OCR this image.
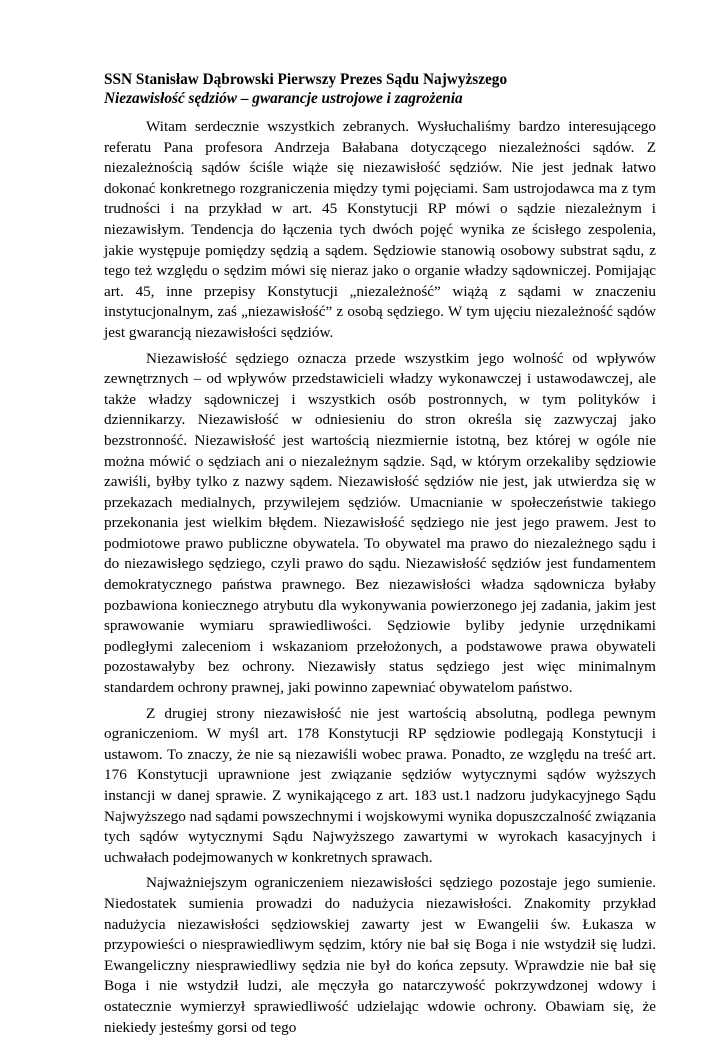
SSN Stanisław Dąbrowski Pierwszy Prezes Sądu Najwyższego
Niezawisłość sędziów – gwarancje ustrojowe i zagrożenia

Witam serdecznie wszystkich zebranych. Wysłuchaliśmy bardzo interesującego referatu Pana profesora Andrzeja Bałabana dotyczącego niezależności sądów. Z niezależnością sądów ściśle wiąże się niezawisłość sędziów. Nie jest jednak łatwo dokonać konkretnego rozgraniczenia między tymi pojęciami. Sam ustrojodawca ma z tym trudności i na przykład w art. 45 Konstytucji RP mówi o sądzie niezależnym i niezawisłym. Tendencja do łączenia tych dwóch pojęć wynika ze ścisłego zespolenia, jakie występuje pomiędzy sędzią a sądem. Sędziowie stanowią osobowy substrat sądu, z tego też względu o sędzim mówi się nieraz jako o organie władzy sądowniczej. Pomijając art. 45, inne przepisy Konstytucji „niezależność” wiążą z sądami w znaczeniu instytucjonalnym, zaś „niezawisłość” z osobą sędziego. W tym ujęciu niezależność sądów jest gwarancją niezawisłości sędziów.

Niezawisłość sędziego oznacza przede wszystkim jego wolność od wpływów zewnętrznych – od wpływów przedstawicieli władzy wykonawczej i ustawodawczej, ale także władzy sądowniczej i wszystkich osób postronnych, w tym polityków i dziennikarzy. Niezawisłość w odniesieniu do stron określa się zazwyczaj jako bezstronność. Niezawisłość jest wartością niezmiernie istotną, bez której w ogóle nie można mówić o sędziach ani o niezależnym sądzie. Sąd, w którym orzekaliby sędziowie zawiśli, byłby tylko z nazwy sądem. Niezawisłość sędziów nie jest, jak utwierdza się w przekazach medialnych, przywilejem sędziów. Umacnianie w społeczeństwie takiego przekonania jest wielkim błędem. Niezawisłość sędziego nie jest jego prawem. Jest to podmiotowe prawo publiczne obywatela. To obywatel ma prawo do niezależnego sądu i do niezawisłego sędziego, czyli prawo do sądu. Niezawisłość sędziów jest fundamentem demokratycznego państwa prawnego. Bez niezawisłości władza sądownicza byłaby pozbawiona koniecznego atrybutu dla wykonywania powierzonego jej zadania, jakim jest sprawowanie wymiaru sprawiedliwości. Sędziowie byliby jedynie urzędnikami podległymi zaleceniom i wskazaniom przełożonych, a podstawowe prawa obywateli pozostawałyby bez ochrony. Niezawisły status sędziego jest więc minimalnym standardem ochrony prawnej, jaki powinno zapewniać obywatelom państwo.

Z drugiej strony niezawisłość nie jest wartością absolutną, podlega pewnym ograniczeniom. W myśl art. 178 Konstytucji RP sędziowie podlegają Konstytucji i ustawom. To znaczy, że nie są niezawiśli wobec prawa. Ponadto, ze względu na treść art. 176 Konstytucji uprawnione jest związanie sędziów wytycznymi sądów wyższych instancji w danej sprawie. Z wynikającego z art. 183 ust.1 nadzoru judykacyjnego Sądu Najwyższego nad sądami powszechnymi i wojskowymi wynika dopuszczalność związania tych sądów wytycznymi Sądu Najwyższego zawartymi w wyrokach kasacyjnych i uchwałach podejmowanych w konkretnych sprawach.

Najważniejszym ograniczeniem niezawisłości sędziego pozostaje jego sumienie. Niedostatek sumienia prowadzi do nadużycia niezawisłości. Znakomity przykład nadużycia niezawisłości sędziowskiej zawarty jest w Ewangelii św. Łukasza w przypowieści o niesprawiedliwym sędzim, który nie bał się Boga i nie wstydził się ludzi. Ewangeliczny niesprawiedliwy sędzia nie był do końca zepsuty. Wprawdzie nie bał się Boga i nie wstydził ludzi, ale męczyła go natarczywość pokrzywdzonej wdowy i ostatecznie wymierzył sprawiedliwość udzielając wdowie ochrony. Obawiam się, że niekiedy jesteśmy gorsi od tego
